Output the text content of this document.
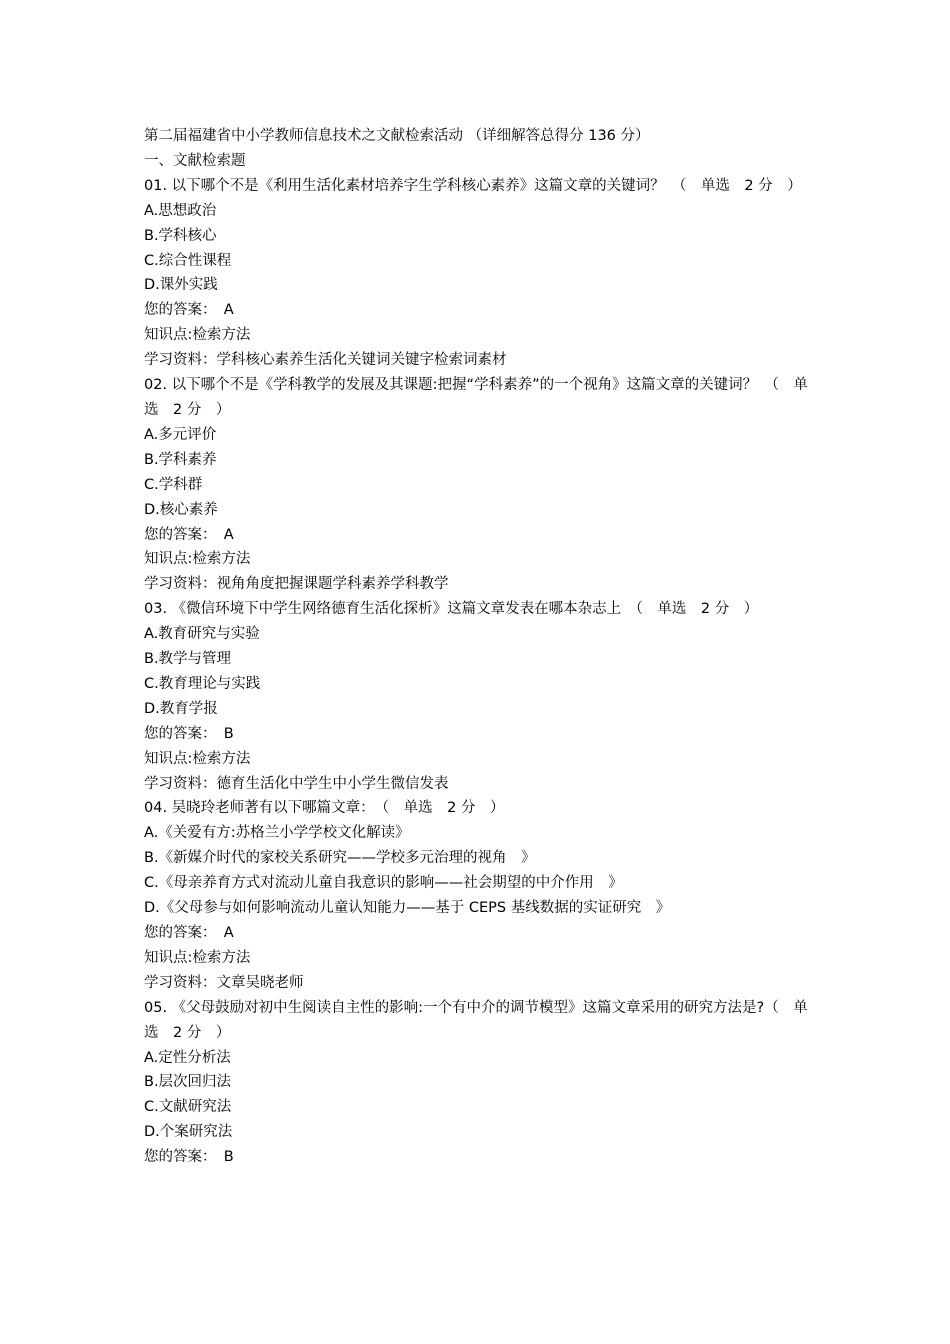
第二届福建省中小学教师信息技术之文献检索活动 （详细解答总得分 136 分）
一、文献检索题
01. 以下哪个不是《利用生活化素材培养字生学科核心素养》这篇文章的关键词？　（　单选　2 分　）
A.思想政治
B.学科核心
C.综合性课程
D.课外实践
您的答案：　A
知识点:检索方法
学习资料：学科核心素养生活化关键词关键字检索词素材
02. 以下哪个不是《学科教学的发展及其课题:把握“学科素养”的一个视角》这篇文章的关键词？　（　单选　2 分　）
A.多元评价
B.学科素养
C.学科群
D.核心素养
您的答案：　A
知识点:检索方法
学习资料：视角角度把握课题学科素养学科教学
03. 《微信环境下中学生网络德育生活化探析》这篇文章发表在哪本杂志上　（　单选　2 分　）
A.教育研究与实验
B.教学与管理
C.教育理论与实践
D.教育学报
您的答案：　B
知识点:检索方法
学习资料：德育生活化中学生中小学生微信发表
04. 吴晓玲老师著有以下哪篇文章：　（　单选　2 分　）
A.《关爱有方:苏格兰小学学校文化解读》
B.《新媒介时代的家校关系研究——学校多元治理的视角　》
C.《母亲养育方式对流动儿童自我意识的影响——社会期望的中介作用　》
D.《父母参与如何影响流动儿童认知能力——基于 CEPS 基线数据的实证研究　》
您的答案：　A
知识点:检索方法
学习资料：文章吴晓老师
05. 《父母鼓励对初中生阅读自主性的影响:一个有中介的调节模型》这篇文章采用的研究方法是?（　单选　2 分　）
A.定性分析法
B.层次回归法
C.文献研究法
D.个案研究法
您的答案：　B
